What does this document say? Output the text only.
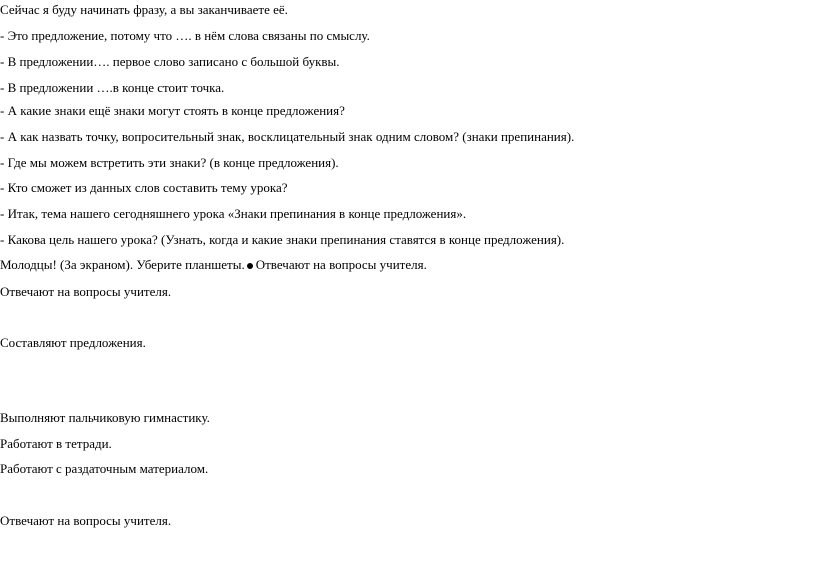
Сейчас я буду начинать фразу, а вы заканчиваете её.
- Это предложение, потому что …. в нём слова связаны по смыслу.
- В предложении…. первое слово записано с большой буквы.
- В предложении ….в конце стоит точка.
- А какие знаки ещё знаки могут стоять в конце предложения?
- А как назвать точку, вопросительный знак, восклицательный знак одним словом? (знаки препинания).
- Где мы можем встретить эти знаки? (в конце предложения).
- Кто сможет из данных слов составить тему урока?
- Итак, тема нашего сегодняшнего урока «Знаки препинания в конце предложения».
- Какова цель нашего урока? (Узнать, когда и какие знаки препинания ставятся в конце предложения).
Молодцы! (За экраном). Уберите планшеты. Отвечают на вопросы учителя.
Отвечают на вопросы учителя.
Составляют предложения.
Выполняют пальчиковую гимнастику.
Работают в тетради.
Работают с раздаточным материалом.
Отвечают на вопросы учителя.
